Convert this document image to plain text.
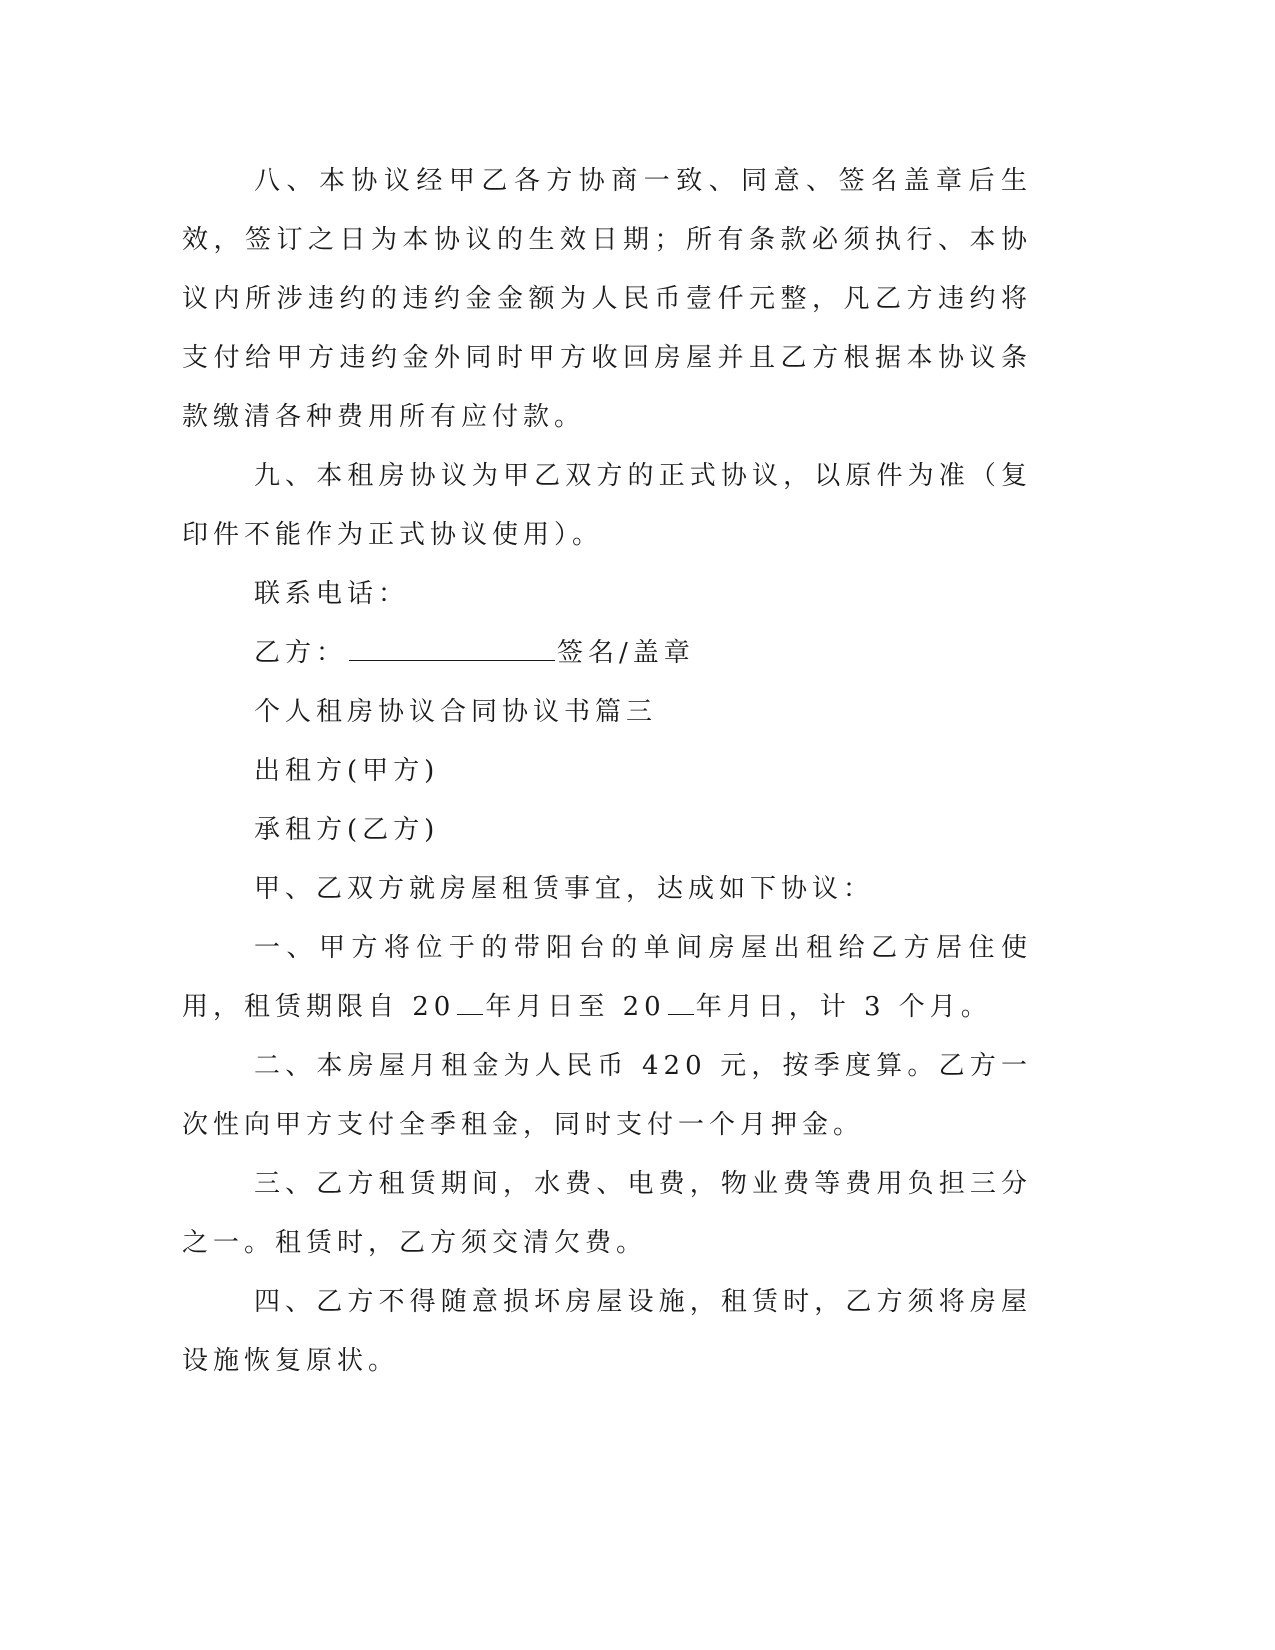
八、本协议经甲乙各方协商一致、同意、签名盖章后生效，签订之日为本协议的生效日期；所有条款必须执行、本协议内所涉违约的违约金金额为人民币壹仟元整，凡乙方违约将支付给甲方违约金外同时甲方收回房屋并且乙方根据本协议条款缴清各种费用所有应付款。

九、本租房协议为甲乙双方的正式协议，以原件为准（复印件不能作为正式协议使用）。

联系电话：

乙方：	签名/盖章

个人租房协议合同协议书篇三

出租方(甲方)

承租方(乙方)

甲、乙双方就房屋租赁事宜，达成如下协议：

一、甲方将位于的带阳台的单间房屋出租给乙方居住使用，租赁期限自 20 年月日至 20 年月日，计 3 个月。

二、本房屋月租金为人民币 420 元，按季度算。乙方一次性向甲方支付全季租金，同时支付一个月押金。

三、乙方租赁期间，水费、电费，物业费等费用负担三分之一。租赁时，乙方须交清欠费。

四、乙方不得随意损坏房屋设施，租赁时，乙方须将房屋设施恢复原状。
